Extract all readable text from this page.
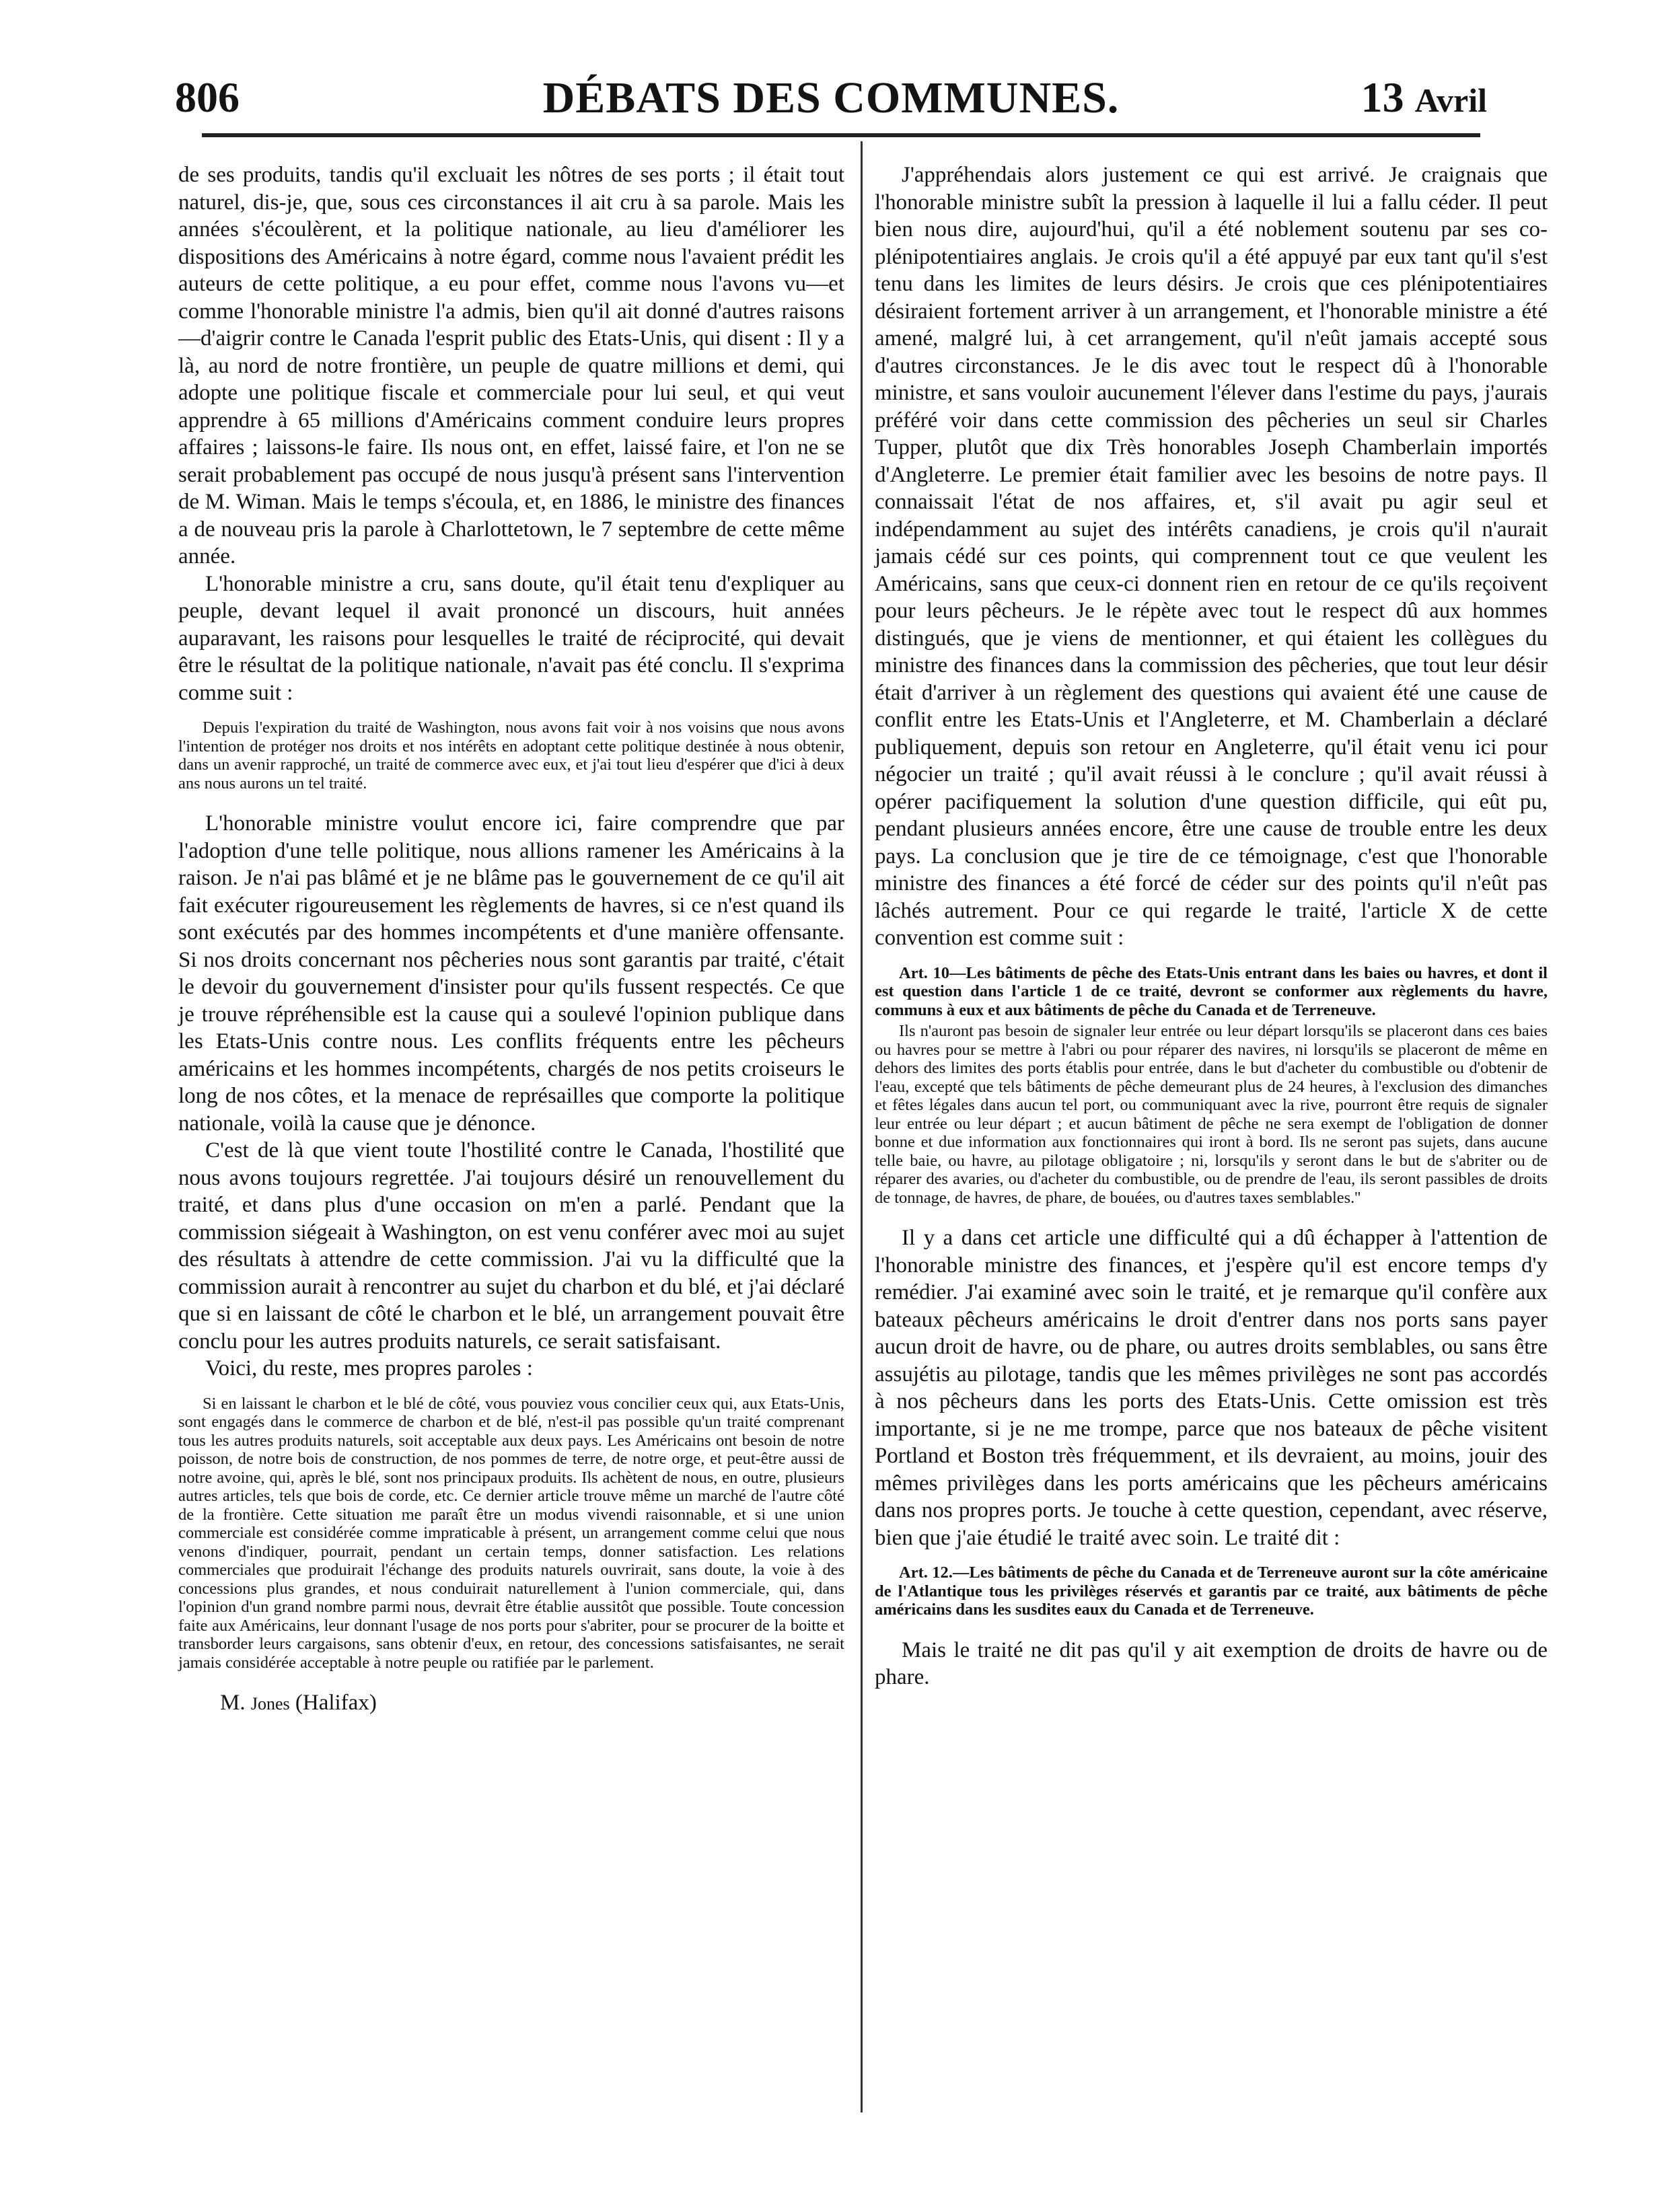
806	DÉBATS DES COMMUNES.	13 Avril

de ses produits, tandis qu'il excluait les nôtres de ses ports ; il était tout naturel, dis-je, que, sous ces circonstances il ait cru à sa parole. Mais les années s'écoulèrent, et la politique nationale, au lieu d'améliorer les dispositions des Américains à notre égard, comme nous l'avaient prédit les auteurs de cette politique, a eu pour effet, comme nous l'avons vu—et comme l'honorable ministre l'a admis, bien qu'il ait donné d'autres raisons—d'aigrir contre le Canada l'esprit public des Etats-Unis, qui disent : Il y a là, au nord de notre frontière, un peuple de quatre millions et demi, qui adopte une politique fiscale et commerciale pour lui seul, et qui veut apprendre à 65 millions d'Américains comment conduire leurs propres affaires ; laissons-le faire. Ils nous ont, en effet, laissé faire, et l'on ne se serait probablement pas occupé de nous jusqu'à présent sans l'intervention de M. Wiman. Mais le temps s'écoula, et, en 1886, le ministre des finances a de nouveau pris la parole à Charlottetown, le 7 septembre de cette même année.

L'honorable ministre a cru, sans doute, qu'il était tenu d'expliquer au peuple, devant lequel il avait prononcé un discours, huit années auparavant, les raisons pour lesquelles le traité de réciprocité, qui devait être le résultat de la politique nationale, n'avait pas été conclu. Il s'exprima comme suit :

Depuis l'expiration du traité de Washington, nous avons fait voir à nos voisins que nous avons l'intention de protéger nos droits et nos intérêts en adoptant cette politique destinée à nous obtenir, dans un avenir rapproché, un traité de commerce avec eux, et j'ai tout lieu d'espérer que d'ici à deux ans nous aurons un tel traité.

L'honorable ministre voulut encore ici, faire comprendre que par l'adoption d'une telle politique, nous allions ramener les Américains à la raison. Je n'ai pas blâmé et je ne blâme pas le gouvernement de ce qu'il ait fait exécuter rigoureusement les règlements de havres, si ce n'est quand ils sont exécutés par des hommes incompétents et d'une manière offensante. Si nos droits concernant nos pêcheries nous sont garantis par traité, c'était le devoir du gouvernement d'insister pour qu'ils fussent respectés. Ce que je trouve répréhensible est la cause qui a soulevé l'opinion publique dans les Etats-Unis contre nous. Les conflits fréquents entre les pêcheurs américains et les hommes incompétents, chargés de nos petits croiseurs le long de nos côtes, et la menace de représailles que comporte la politique nationale, voilà la cause que je dénonce.

C'est de là que vient toute l'hostilité contre le Canada, l'hostilité que nous avons toujours regrettée. J'ai toujours désiré un renouvellement du traité, et dans plus d'une occasion on m'en a parlé. Pendant que la commission siégeait à Washington, on est venu conférer avec moi au sujet des résultats à attendre de cette commission. J'ai vu la difficulté que la commission aurait à rencontrer au sujet du charbon et du blé, et j'ai déclaré que si en laissant de côté le charbon et le blé, un arrangement pouvait être conclu pour les autres produits naturels, ce serait satisfaisant.

Voici, du reste, mes propres paroles :

Si en laissant le charbon et le blé de côté, vous pouviez vous concilier ceux qui, aux Etats-Unis, sont engagés dans le commerce de charbon et de blé, n'est-il pas possible qu'un traité comprenant tous les autres produits naturels, soit acceptable aux deux pays. Les Américains ont besoin de notre poisson, de notre bois de construction, de nos pommes de terre, de notre orge, et peut-être aussi de notre avoine, qui, après le blé, sont nos principaux produits. Ils achètent de nous, en outre, plusieurs autres articles, tels que bois de corde, etc. Ce dernier article trouve même un marché de l'autre côté de la frontière. Cette situation me paraît être un modus vivendi raisonnable, et si une union commerciale est considérée comme impraticable à présent, un arrangement comme celui que nous venons d'indiquer, pourrait, pendant un certain temps, donner satisfaction. Les relations commerciales que produirait l'échange des produits naturels ouvrirait, sans doute, la voie à des concessions plus grandes, et nous conduirait naturellement à l'union commerciale, qui, dans l'opinion d'un grand nombre parmi nous, devrait être établie aussitôt que possible. Toute concession faite aux Américains, leur donnant l'usage de nos ports pour s'abriter, pour se procurer de la boitte et transborder leurs cargaisons, sans obtenir d'eux, en retour, des concessions satisfaisantes, ne serait jamais considérée acceptable à notre peuple ou ratifiée par le parlement.

M. Jones (Halifax)

J'appréhendais alors justement ce qui est arrivé. Je craignais que l'honorable ministre subît la pression à laquelle il lui a fallu céder. Il peut bien nous dire, aujourd'hui, qu'il a été noblement soutenu par ses co-plénipotentiaires anglais. Je crois qu'il a été appuyé par eux tant qu'il s'est tenu dans les limites de leurs désirs. Je crois que ces plénipotentiaires désiraient fortement arriver à un arrangement, et l'honorable ministre a été amené, malgré lui, à cet arrangement, qu'il n'eût jamais accepté sous d'autres circonstances. Je le dis avec tout le respect dû à l'honorable ministre, et sans vouloir aucunement l'élever dans l'estime du pays, j'aurais préféré voir dans cette commission des pêcheries un seul sir Charles Tupper, plutôt que dix Très honorables Joseph Chamberlain importés d'Angleterre. Le premier était familier avec les besoins de notre pays. Il connaissait l'état de nos affaires, et, s'il avait pu agir seul et indépendamment au sujet des intérêts canadiens, je crois qu'il n'aurait jamais cédé sur ces points, qui comprennent tout ce que veulent les Américains, sans que ceux-ci donnent rien en retour de ce qu'ils reçoivent pour leurs pêcheurs. Je le répète avec tout le respect dû aux hommes distingués, que je viens de mentionner, et qui étaient les collègues du ministre des finances dans la commission des pêcheries, que tout leur désir était d'arriver à un règlement des questions qui avaient été une cause de conflit entre les Etats-Unis et l'Angleterre, et M. Chamberlain a déclaré publiquement, depuis son retour en Angleterre, qu'il était venu ici pour négocier un traité ; qu'il avait réussi à le conclure ; qu'il avait réussi à opérer pacifiquement la solution d'une question difficile, qui eût pu, pendant plusieurs années encore, être une cause de trouble entre les deux pays. La conclusion que je tire de ce témoignage, c'est que l'honorable ministre des finances a été forcé de céder sur des points qu'il n'eût pas lâchés autrement. Pour ce qui regarde le traité, l'article X de cette convention est comme suit :

Art. 10—Les bâtiments de pêche des Etats-Unis entrant dans les baies ou havres, et dont il est question dans l'article 1 de ce traité, devront se conformer aux règlements du havre, communs à eux et aux bâtiments de pêche du Canada et de Terreneuve.

Ils n'auront pas besoin de signaler leur entrée ou leur départ lorsqu'ils se placeront dans ces baies ou havres pour se mettre à l'abri ou pour réparer des navires, ni lorsqu'ils se placeront de même en dehors des limites des ports établis pour entrée, dans le but d'acheter du combustible ou d'obtenir de l'eau, excepté que tels bâtiments de pêche demeurant plus de 24 heures, à l'exclusion des dimanches et fêtes légales dans aucun tel port, ou communiquant avec la rive, pourront être requis de signaler leur entrée ou leur départ ; et aucun bâtiment de pêche ne sera exempt de l'obligation de donner bonne et due information aux fonctionnaires qui iront à bord. Ils ne seront pas sujets, dans aucune telle baie, ou havre, au pilotage obligatoire ; ni, lorsqu'ils y seront dans le but de s'abriter ou de réparer des avaries, ou d'acheter du combustible, ou de prendre de l'eau, ils seront passibles de droits de tonnage, de havres, de phare, de bouées, ou d'autres taxes semblables.''

Il y a dans cet article une difficulté qui a dû échapper à l'attention de l'honorable ministre des finances, et j'espère qu'il est encore temps d'y remédier. J'ai examiné avec soin le traité, et je remarque qu'il confère aux bateaux pêcheurs américains le droit d'entrer dans nos ports sans payer aucun droit de havre, ou de phare, ou autres droits semblables, ou sans être assujétis au pilotage, tandis que les mêmes privilèges ne sont pas accordés à nos pêcheurs dans les ports des Etats-Unis. Cette omission est très importante, si je ne me trompe, parce que nos bateaux de pêche visitent Portland et Boston très fréquemment, et ils devraient, au moins, jouir des mêmes privilèges dans les ports américains que les pêcheurs américains dans nos propres ports. Je touche à cette question, cependant, avec réserve, bien que j'aie étudié le traité avec soin. Le traité dit :

Art. 12.—Les bâtiments de pêche du Canada et de Terreneuve auront sur la côte américaine de l'Atlantique tous les privilèges réservés et garantis par ce traité, aux bâtiments de pêche américains dans les susdites eaux du Canada et de Terreneuve.

Mais le traité ne dit pas qu'il y ait exemption de droits de havre ou de phare.
